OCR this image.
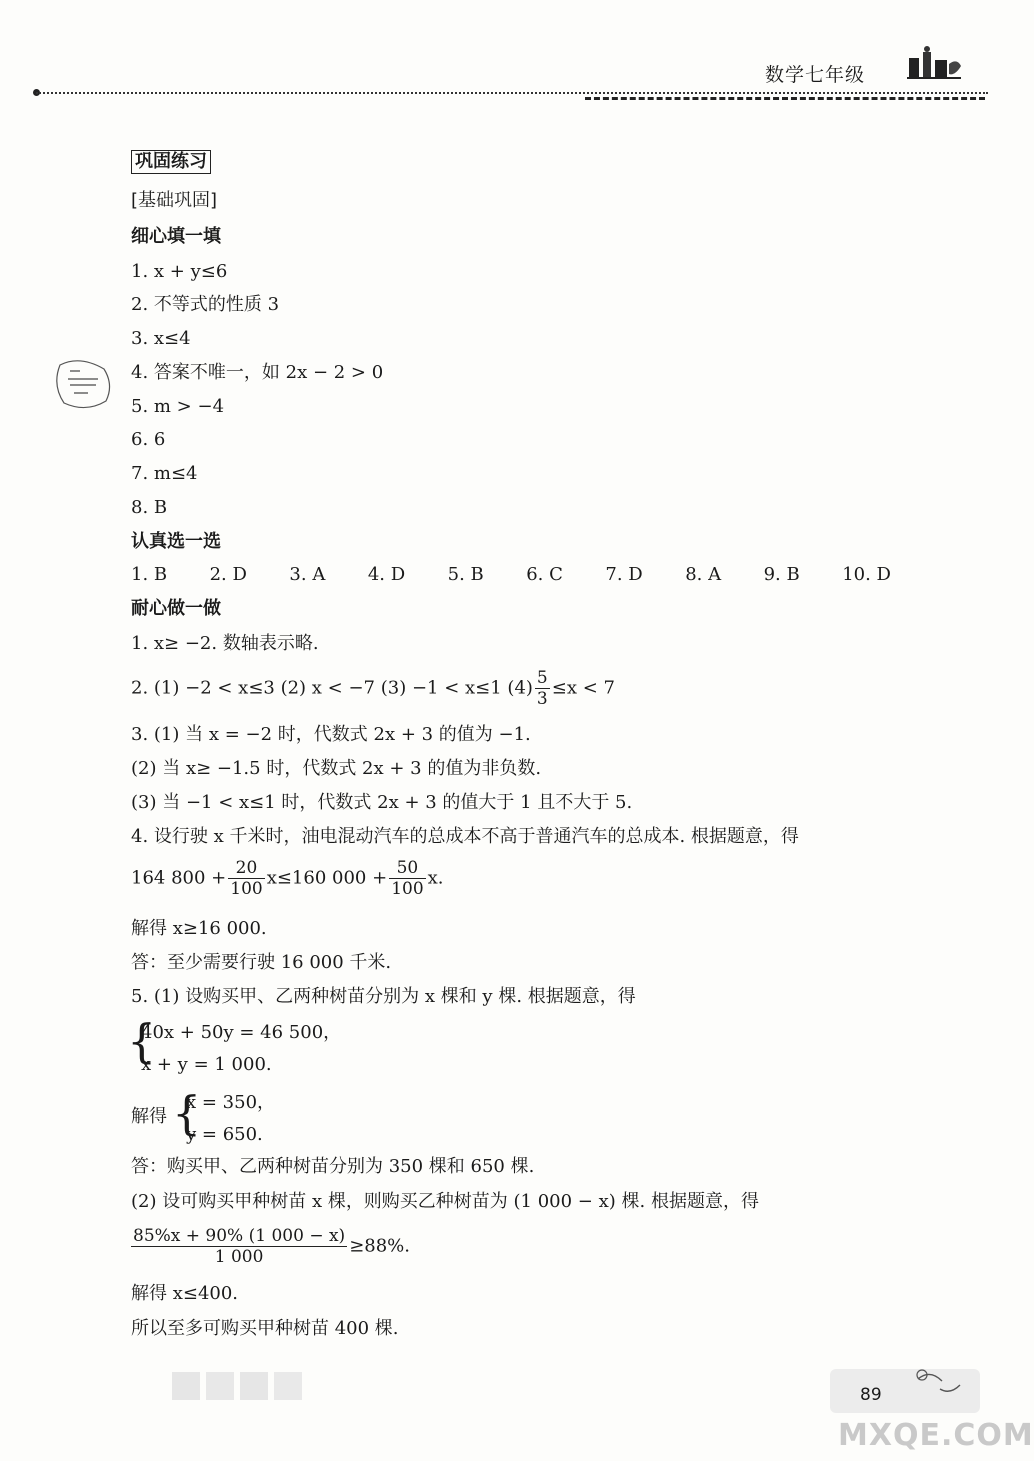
数学七年级
巩固练习
[基础巩固]
细心填一填
1. x + y≤6
2. 不等式的性质 3
3. x≤4
4. 答案不唯一，如 2x − 2 > 0
5. m > −4
6. 6
7. m≤4
8. B
认真选一选
1. B 2. D 3. A 4. D 5. B 6. C 7. D 8. A 9. B 10. D
耐心做一做
1. x≥ −2. 数轴表示略.
2. (1) −2 < x≤3 (2) x < −7 (3) −1 < x≤1 $(4) \frac{5}{3} \le x < 7$
3. (1) 当 x = −2 时，代数式 2x + 3 的值为 −1.
(2) 当 x≥ −1.5 时，代数式 2x + 3 的值为非负数.
(3) 当 −1 < x≤1 时，代数式 2x + 3 的值大于 1 且不大于 5.
4. 设行驶 x 千米时，油电混动汽车的总成本不高于普通汽车的总成本. 根据题意，得
164 $800 + \frac{20}{100} x\le 160$ $000 + \frac{50}{100} x$.
解得 x≥16 000.
答：至少需要行驶 16 000 千米.
5. (1) 设购买甲、乙两种树苗分别为 x 棵和 y 棵. 根据题意，得
{
40x + 50y = 46 500，
x + y = 1 000.
解得 {
x = 350，
y = 650.
答：购买甲、乙两种树苗分别为 350 棵和 650 棵.
(2) 设可购买甲种树苗 x 棵，则购买乙种树苗为 (1 000 − x) 棵. 根据题意，得
$\frac{85\%x + 90\% (1 000 - x)}{1 000} \ge 88\%$.
解得 x≤400.
所以至多可购买甲种树苗 400 棵.
89
MXQE.COM
